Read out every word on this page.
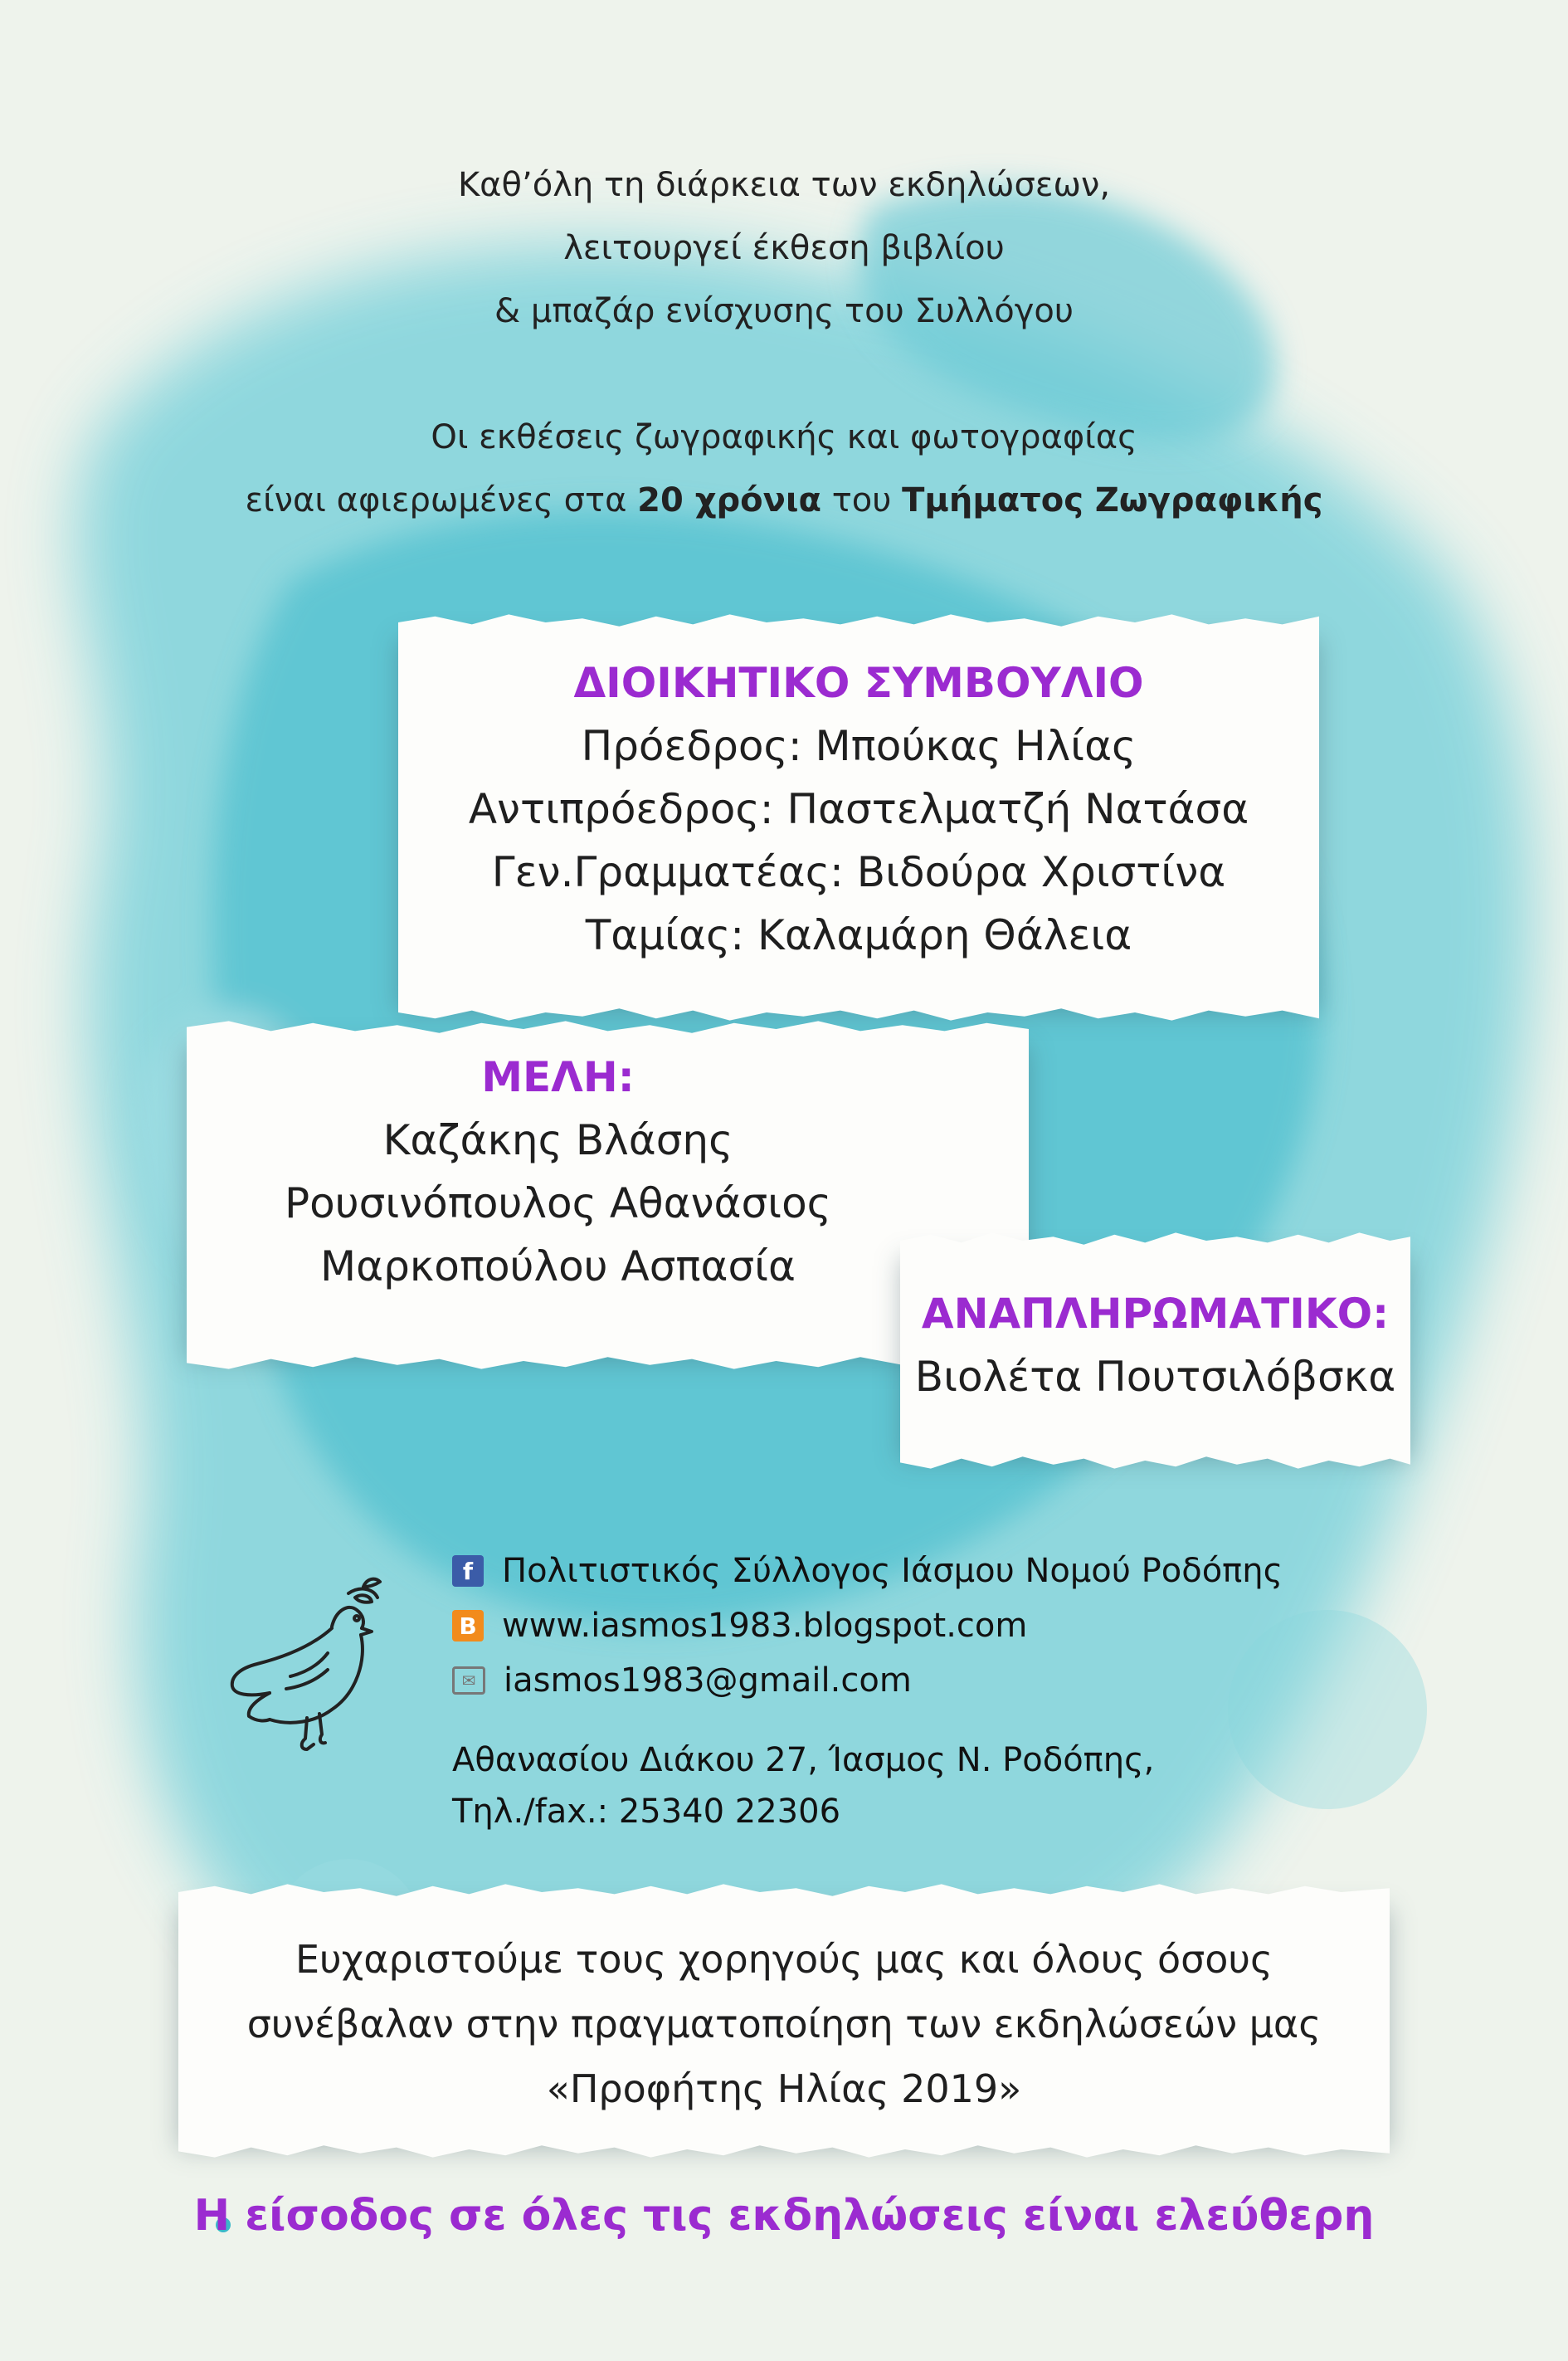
Καθ’όλη τη διάρκεια των εκδηλώσεων,
λειτουργεί έκθεση βιβλίου
& μπαζάρ ενίσχυσης του Συλλόγου
Οι εκθέσεις ζωγραφικής και φωτογραφίας
είναι αφιερωμένες στα 20 χρόνια του Τμήματος Ζωγραφικής
ΔΙΟΙΚΗΤΙΚΟ ΣΥΜΒΟΥΛΙΟ
Πρόεδρος: Μπούκας Ηλίας
Αντιπρόεδρος: Παστελματζή Νατάσα
Γεν.Γραμματέας: Βιδούρα Χριστίνα
Ταμίας: Καλαμάρη Θάλεια
ΜΕΛΗ:
Καζάκης Βλάσης
Ρουσινόπουλος Αθανάσιος
Μαρκοπούλου Ασπασία
ΑΝΑΠΛΗΡΩΜΑΤΙΚΟ:
Βιολέτα Πουτσιλόβσκα
f Πολιτιστικός Σύλλογος Ιάσμου Νομού Ροδόπης
B www.iasmos1983.blogspot.com
✉ iasmos1983@gmail.com
Αθανασίου Διάκου 27, Ίασμος Ν. Ροδόπης,
Τηλ./fax.: 25340 22306
Ευχαριστούμε τους χορηγούς μας και όλους όσους
συνέβαλαν στην πραγματοποίηση των εκδηλώσεών μας
«Προφήτης Ηλίας 2019»
Η είσοδος σε όλες τις εκδηλώσεις είναι ελεύθερη
